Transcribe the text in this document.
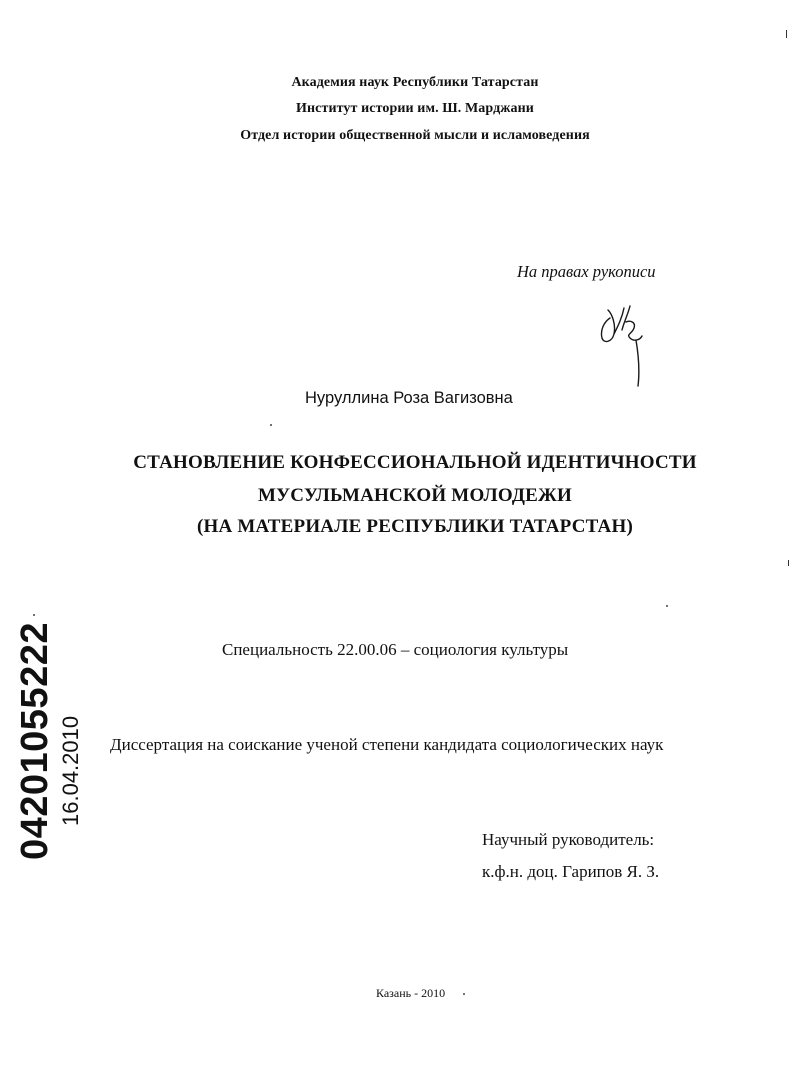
Академия наук Республики Татарстан
Институт истории им. Ш. Марджани
Отдел истории общественной мысли и исламоведения
На правах рукописи
Нуруллина Роза Вагизовна
СТАНОВЛЕНИЕ КОНФЕССИОНАЛЬНОЙ ИДЕНТИЧНОСТИ
МУСУЛЬМАНСКОЙ МОЛОДЕЖИ
(НА МАТЕРИАЛЕ РЕСПУБЛИКИ ТАТАРСТАН)
Специальность 22.00.06 – социология культуры
Диссертация на соискание ученой степени кандидата социологических наук
Научный руководитель:
к.ф.н. доц. Гарипов Я. З.
Казань - 2010
04201055222 16.04.2010
